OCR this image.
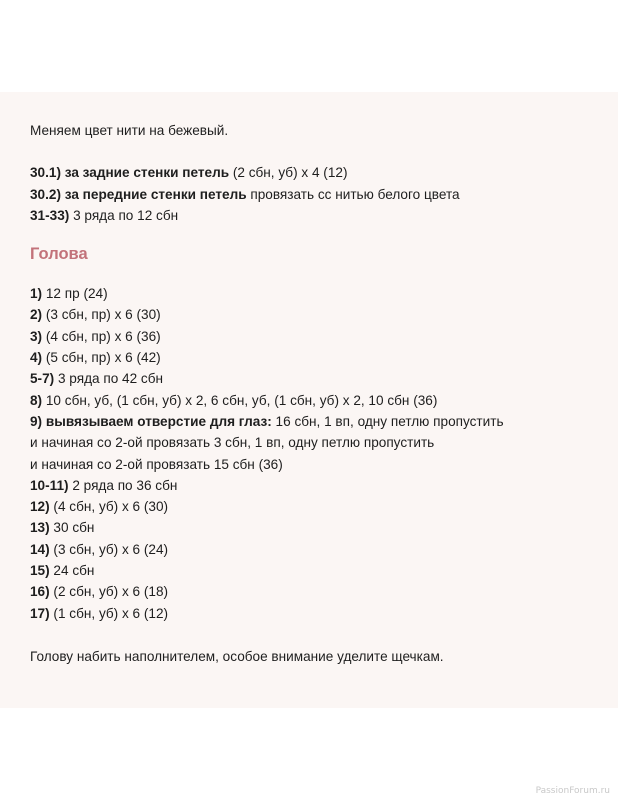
Меняем цвет нити на бежевый.
30.1) за задние стенки петель (2 сбн, уб) х 4 (12)
30.2) за передние стенки петель провязать сс нитью белого цвета
31-33) 3 ряда по 12 сбн
Голова
1) 12 пр (24)
2) (3 сбн, пр) х 6 (30)
3) (4 сбн, пр) х 6 (36)
4) (5 сбн, пр) х 6 (42)
5-7) 3 ряда по 42 сбн
8) 10 сбн, уб, (1 сбн, уб) х 2, 6 сбн, уб, (1 сбн, уб) х 2, 10 сбн (36)
9) вывязываем отверстие для глаз: 16 сбн, 1 вп, одну петлю пропустить
и начиная со 2-ой провязать 3 сбн, 1 вп, одну петлю пропустить
и начиная со 2-ой провязать 15 сбн (36)
10-11) 2 ряда по 36 сбн
12) (4 сбн, уб) х 6 (30)
13) 30 сбн
14) (3 сбн, уб) х 6 (24)
15) 24 сбн
16) (2 сбн, уб) х 6 (18)
17) (1 сбн, уб) х 6 (12)
Голову набить наполнителем, особое внимание уделите щечкам.
PassionForum.ru
